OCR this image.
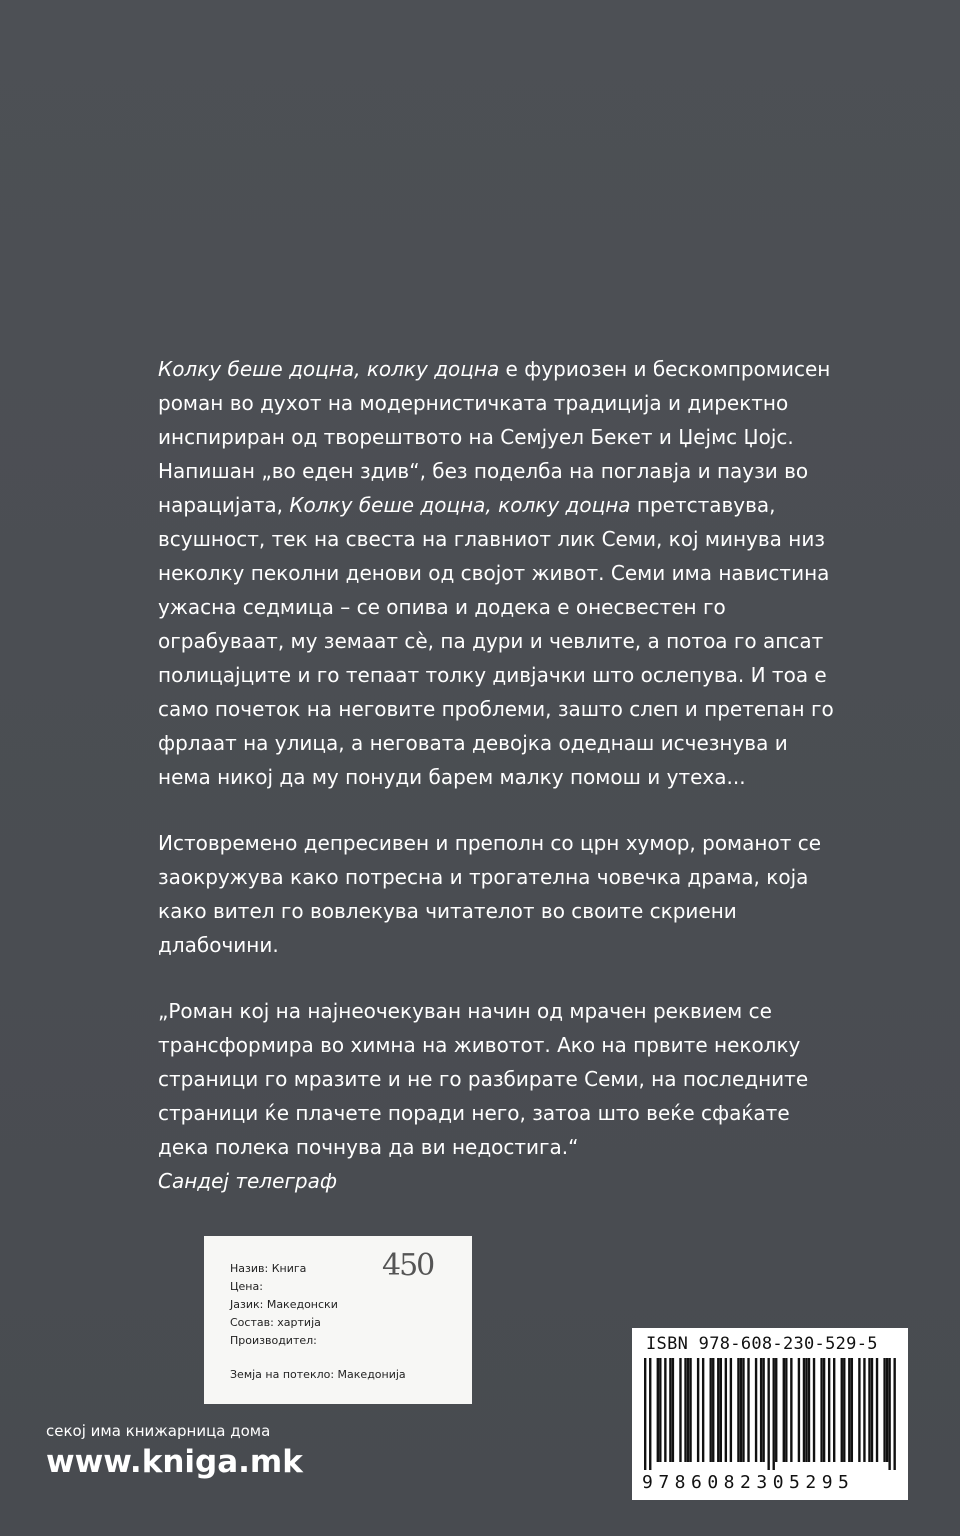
Колку беше доцна, колку доцна е фуриозен и бескомпромисен роман во духот на модернистичката традиција и директно инспириран од творештвото на Семјуел Бекет и Џејмс Џојс. Напишан „во еден здив“, без поделба на поглавја и паузи во нарацијата, Колку беше доцна, колку доцна претставува, всушност, тек на свеста на главниот лик Семи, кој минува низ неколку пеколни денови од својот живот. Семи има навистина ужасна седмица – се опива и додека е онесвестен го ограбуваат, му земаат сè, па дури и чевлите, а потоа го апсат полицајците и го тепаат толку дивјачки што ослепува. И тоа е само почеток на неговите проблеми, зашто слеп и претепан го фрлаат на улица, а неговата девојка одеднаш исчезнува и нема никој да му понуди барем малку помош и утеха...

Истовремено депресивен и преполн со црн хумор, романот се заокружува како потресна и трогателна човечка драма, која како вител го вовлекува читателот во своите скриени длабочини.

„Роман кој на најнеочекуван начин од мрачен реквием се трансформира во химна на животот. Ако на првите неколку страници го мразите и не го разбирате Семи, на последните страници ќе плачете поради него, затоа што веќе сфаќате дека полека почнува да ви недостига.“
Сандеј телеграф

Назив: Книга
Цена:
Јазик: Македонски
Состав: хартија
Производител:
Земја на потекло: Македонија
450
ISBN 978-608-230-529-5
9786082305295
секој има книжарница дома
www.kniga.mk
